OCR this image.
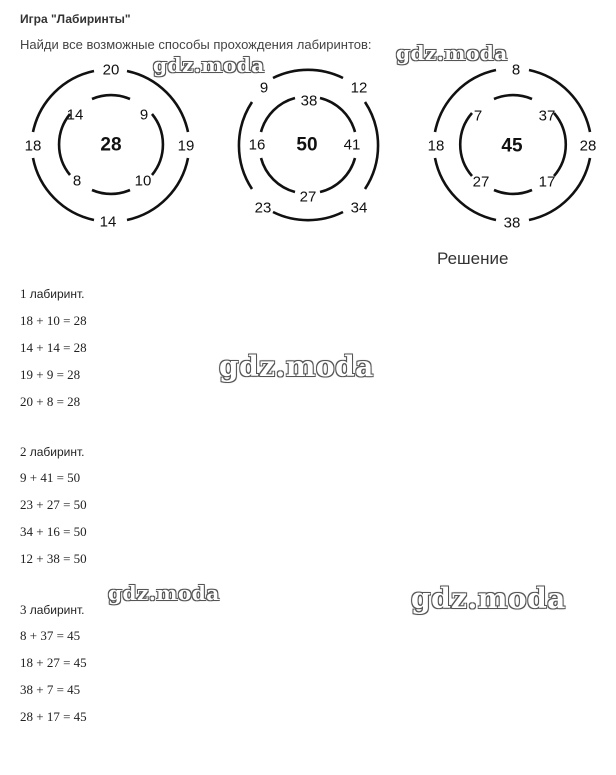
Игра "Лабиринты"
Найди все возможные способы прохождения лабиринтов:
28
20
18	19
14
14	9
8	10
50
9	12
23	34
38
16	41
27
45
8
18	28
38
7	37
27	17
Решение
1 лабиринт.
18 + 10 = 28
14 + 14 = 28
19 + 9 = 28
20 + 8 = 28
2 лабиринт.
9 + 41 = 50
23 + 27 = 50
34 + 16 = 50
12 + 38 = 50
3 лабиринт.
8 + 37 = 45
18 + 27 = 45
38 + 7 = 45
28 + 17 = 45
gdz.moda	gdz.moda
gdz.moda
gdz.moda	gdz.moda
